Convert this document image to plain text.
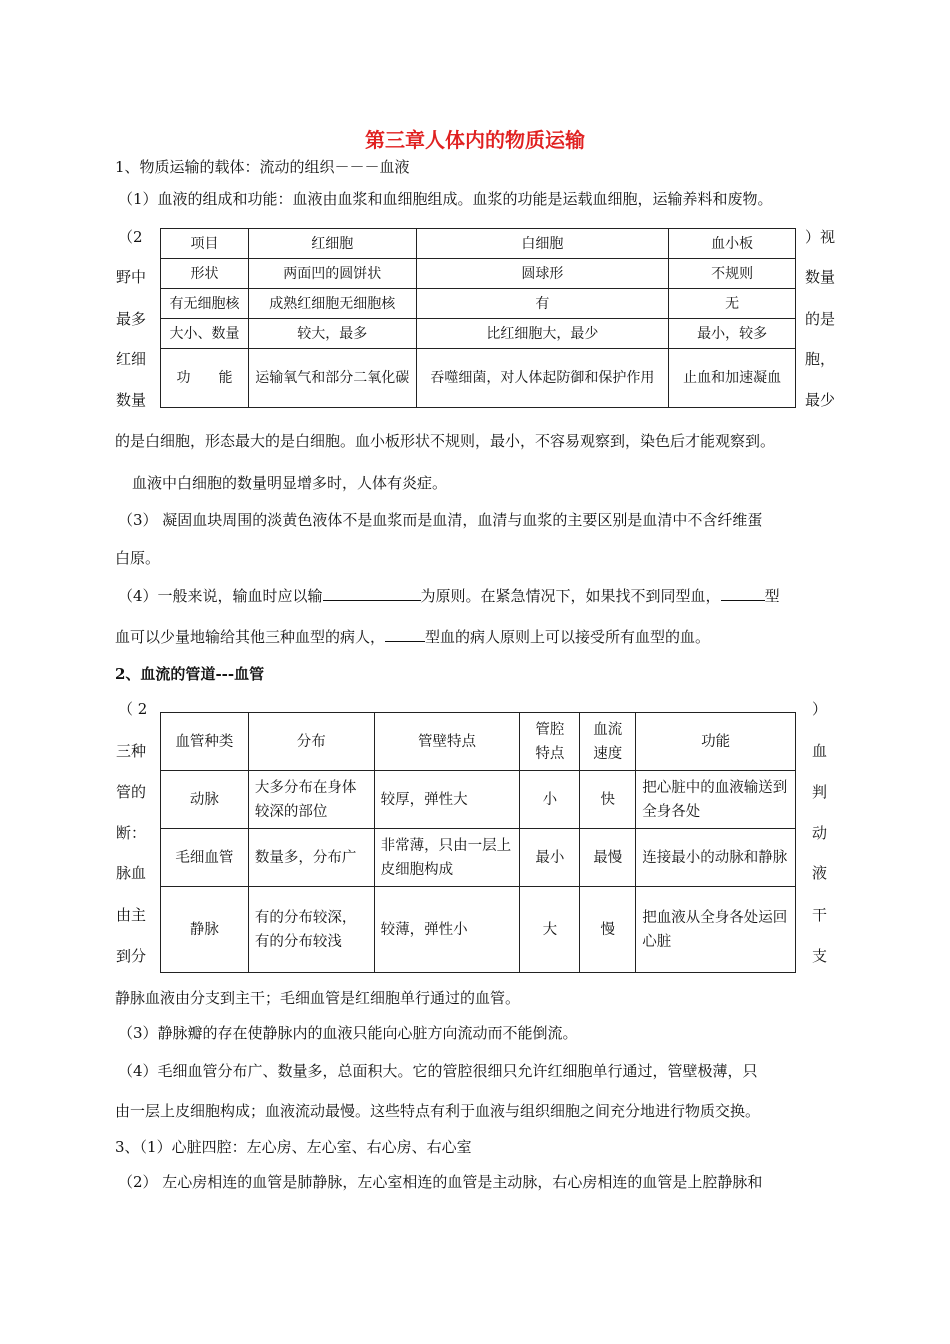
第三章人体内的物质运输
1、物质运输的载体：流动的组织－－－血液
（1）血液的组成和功能：血液由血浆和血细胞组成。血浆的功能是运载血细胞，运输养料和废物。
（2
野中
最多
红细
数量
）视
数量
的是
胞，
最少
项目	红细胞	白细胞	血小板
形状	两面凹的圆饼状	圆球形	不规则
有无细胞核	成熟红细胞无细胞核	有	无
大小、数量	较大，最多	比红细胞大，最少	最小，较多
功　　能	运输氧气和部分二氧化碳	吞噬细菌，对人体起防御和保护作用	止血和加速凝血
的是白细胞，形态最大的是白细胞。血小板形状不规则，最小，不容易观察到，染色后才能观察到。
血液中白细胞的数量明显增多时，人体有炎症。
（3） 凝固血块周围的淡黄色液体不是血浆而是血清，血清与血浆的主要区别是血清中不含纤维蛋
白原。
（4）一般来说，输血时应以输	为原则。在紧急情况下，如果找不到同型血，	型
血可以少量地输给其他三种血型的病人，	型血的病人原则上可以接受所有血型的血。
2、血流的管道---血管
（ 2
三种
管的
断：
脉血
由主
到分
）
血
判
动
液
干
支
血管种类	分布	管壁特点	管腔特点	血流速度	功能
动脉	大多分布在身体较深的部位	较厚，弹性大	小	快	把心脏中的血液输送到全身各处
毛细血管	数量多，分布广	非常薄，只由一层上皮细胞构成	最小	最慢	连接最小的动脉和静脉
静脉	有的分布较深，有的分布较浅	较薄，弹性小	大	慢	把血液从全身各处运回心脏
静脉血液由分支到主干；毛细血管是红细胞单行通过的血管。
（3）静脉瓣的存在使静脉内的血液只能向心脏方向流动而不能倒流。
（4）毛细血管分布广、数量多，总面积大。它的管腔很细只允许红细胞单行通过，管壁极薄，只
由一层上皮细胞构成；血液流动最慢。这些特点有利于血液与组织细胞之间充分地进行物质交换。
3、（1）心脏四腔：左心房、左心室、右心房、右心室
（2） 左心房相连的血管是肺静脉，左心室相连的血管是主动脉，右心房相连的血管是上腔静脉和
